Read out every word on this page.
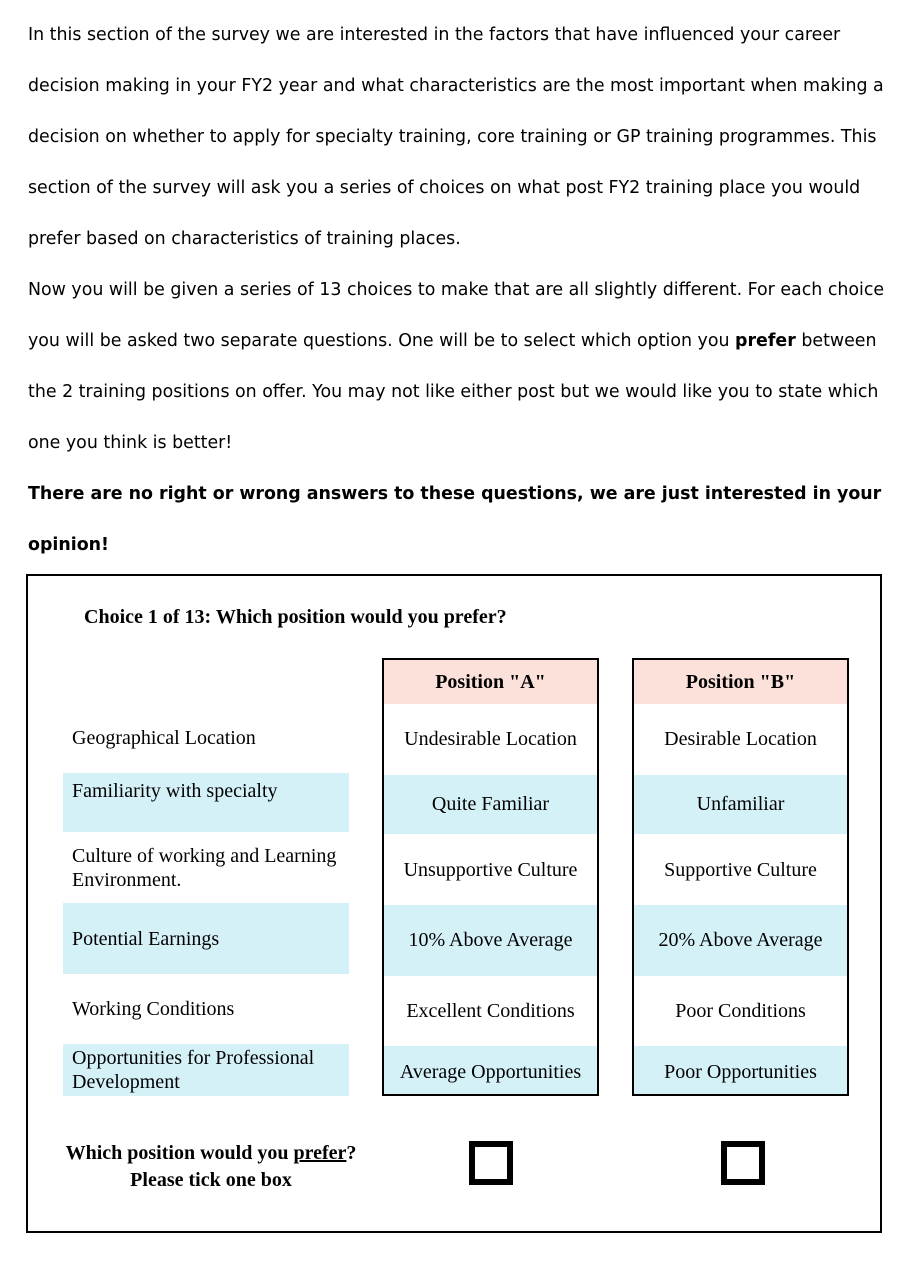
In this section of the survey we are interested in the factors that have influenced your career decision making in your FY2 year and what characteristics are the most important when making a decision on whether to apply for specialty training, core training or GP training programmes. This section of the survey will ask you a series of choices on what post FY2 training place you would prefer based on characteristics of training places.

Now you will be given a series of 13 choices to make that are all slightly different. For each choice you will be asked two separate questions. One will be to select which option you prefer between the 2 training positions on offer. You may not like either post but we would like you to state which one you think is better!

There are no right or wrong answers to these questions, we are just interested in your opinion!

Choice 1 of 13: Which position would you prefer?
Geographical Location
Familiarity with specialty
Culture of working and Learning Environment.
Potential Earnings
Working Conditions
Opportunities for Professional Development
Position "A"
Undesirable Location
Quite Familiar
Unsupportive Culture
10% Above Average
Excellent Conditions
Average Opportunities
Position "B"
Desirable Location
Unfamiliar
Supportive Culture
20% Above Average
Poor Conditions
Poor Opportunities
Which position would you prefer?
Please tick one box
